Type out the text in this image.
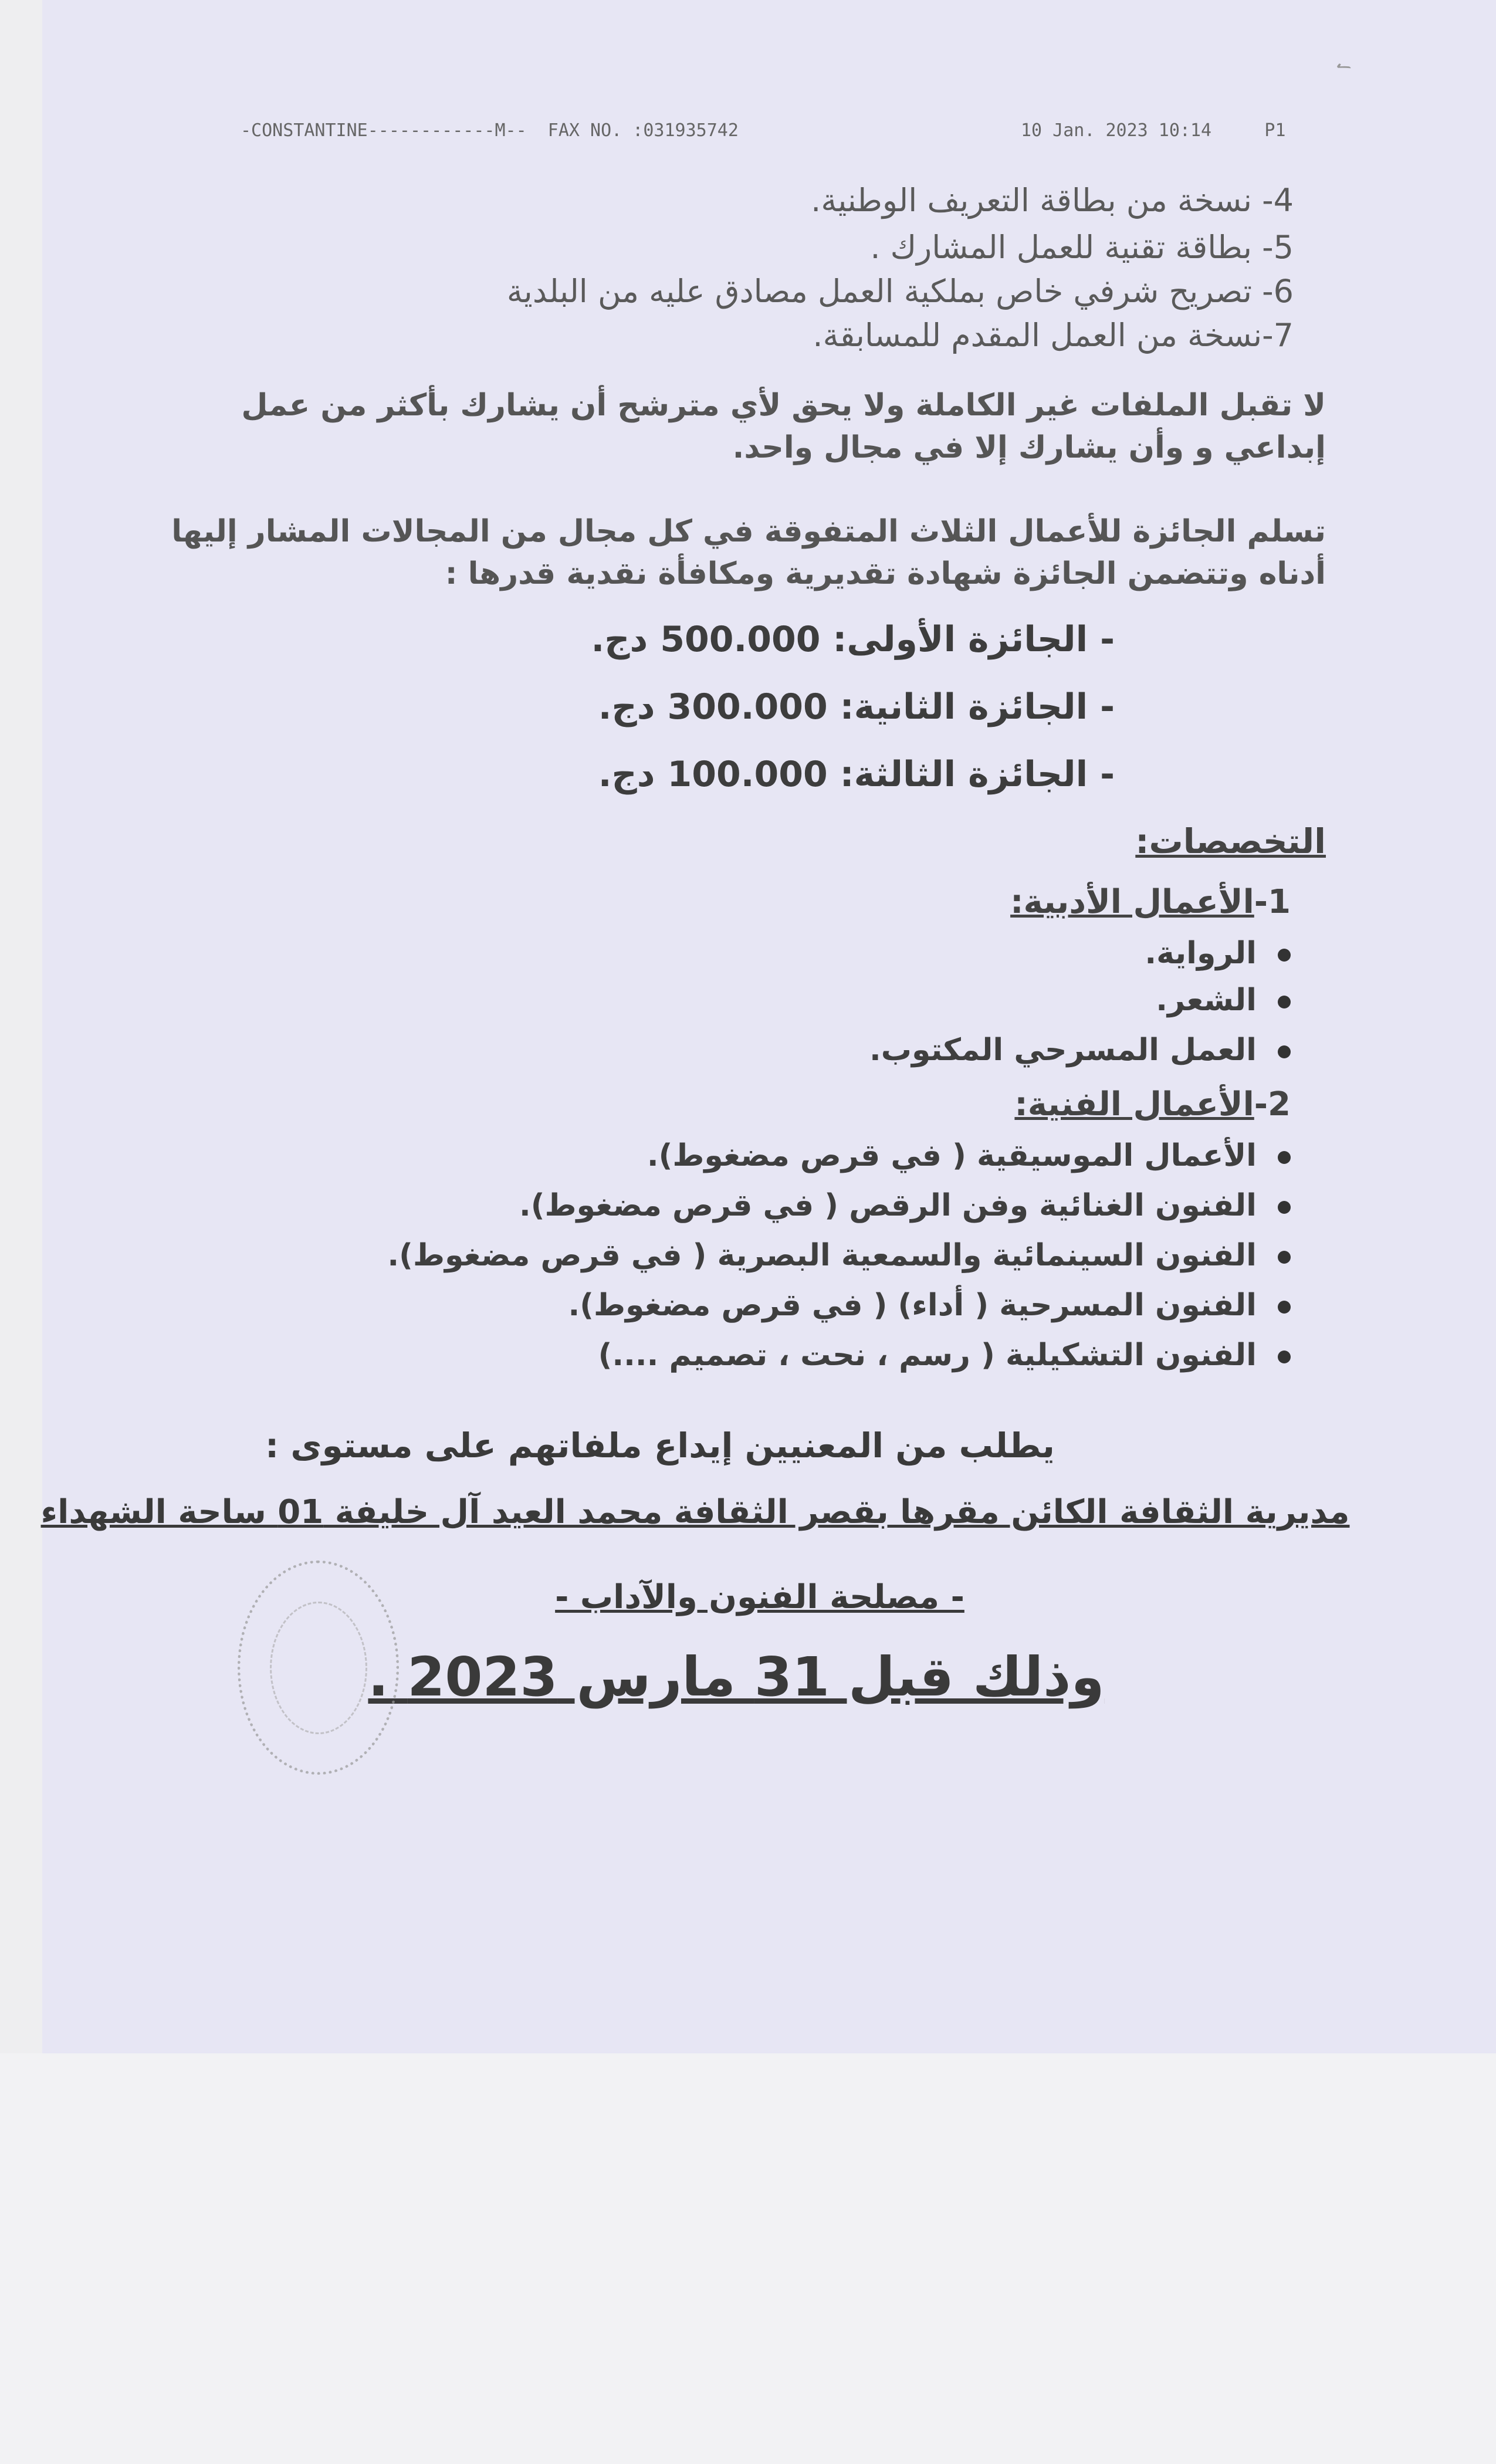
-CONSTANTINE------------M--  FAX NO. :031935742

	10 Jan. 2023 10:14     P1

✓
4- نسخة من بطاقة التعريف الوطنية.
5- بطاقة تقنية للعمل المشارك .
6- تصريح شرفي خاص بملكية العمل مصادق عليه من البلدية
7-نسخة من العمل المقدم للمسابقة.
لا تقبل الملفات غير الكاملة ولا يحق لأي مترشح أن يشارك بأكثر من عمل إبداعي و وأن يشارك إلا في مجال واحد.
تسلم الجائزة للأعمال الثلاث المتفوقة في كل مجال من المجالات المشار إليها أدناه وتتضمن الجائزة شهادة تقديرية ومكافأة نقدية قدرها :
- الجائزة الأولى: 500.000 دج.
- الجائزة الثانية: 300.000 دج.
- الجائزة الثالثة: 100.000 دج.
التخصصات:
1-الأعمال الأدبية:
الرواية.
الشعر.
العمل المسرحي المكتوب.
2-الأعمال الفنية:
الأعمال الموسيقية ( في قرص مضغوط).
الفنون الغنائية وفن الرقص ( في قرص مضغوط).
الفنون السينمائية والسمعية البصرية ( في قرص مضغوط).
الفنون المسرحية ( أداء) ( في قرص مضغوط).
الفنون التشكيلية ( رسم ، نحت ، تصميم ....)
يطلب من المعنيين إيداع ملفاتهم على مستوى :
مديرية الثقافة الكائن مقرها بقصر الثقافة محمد العيد آل خليفة 01 ساحة الشهداء
- مصلحة الفنون والآداب -
وذلك قبل 31 مارس 2023 .
